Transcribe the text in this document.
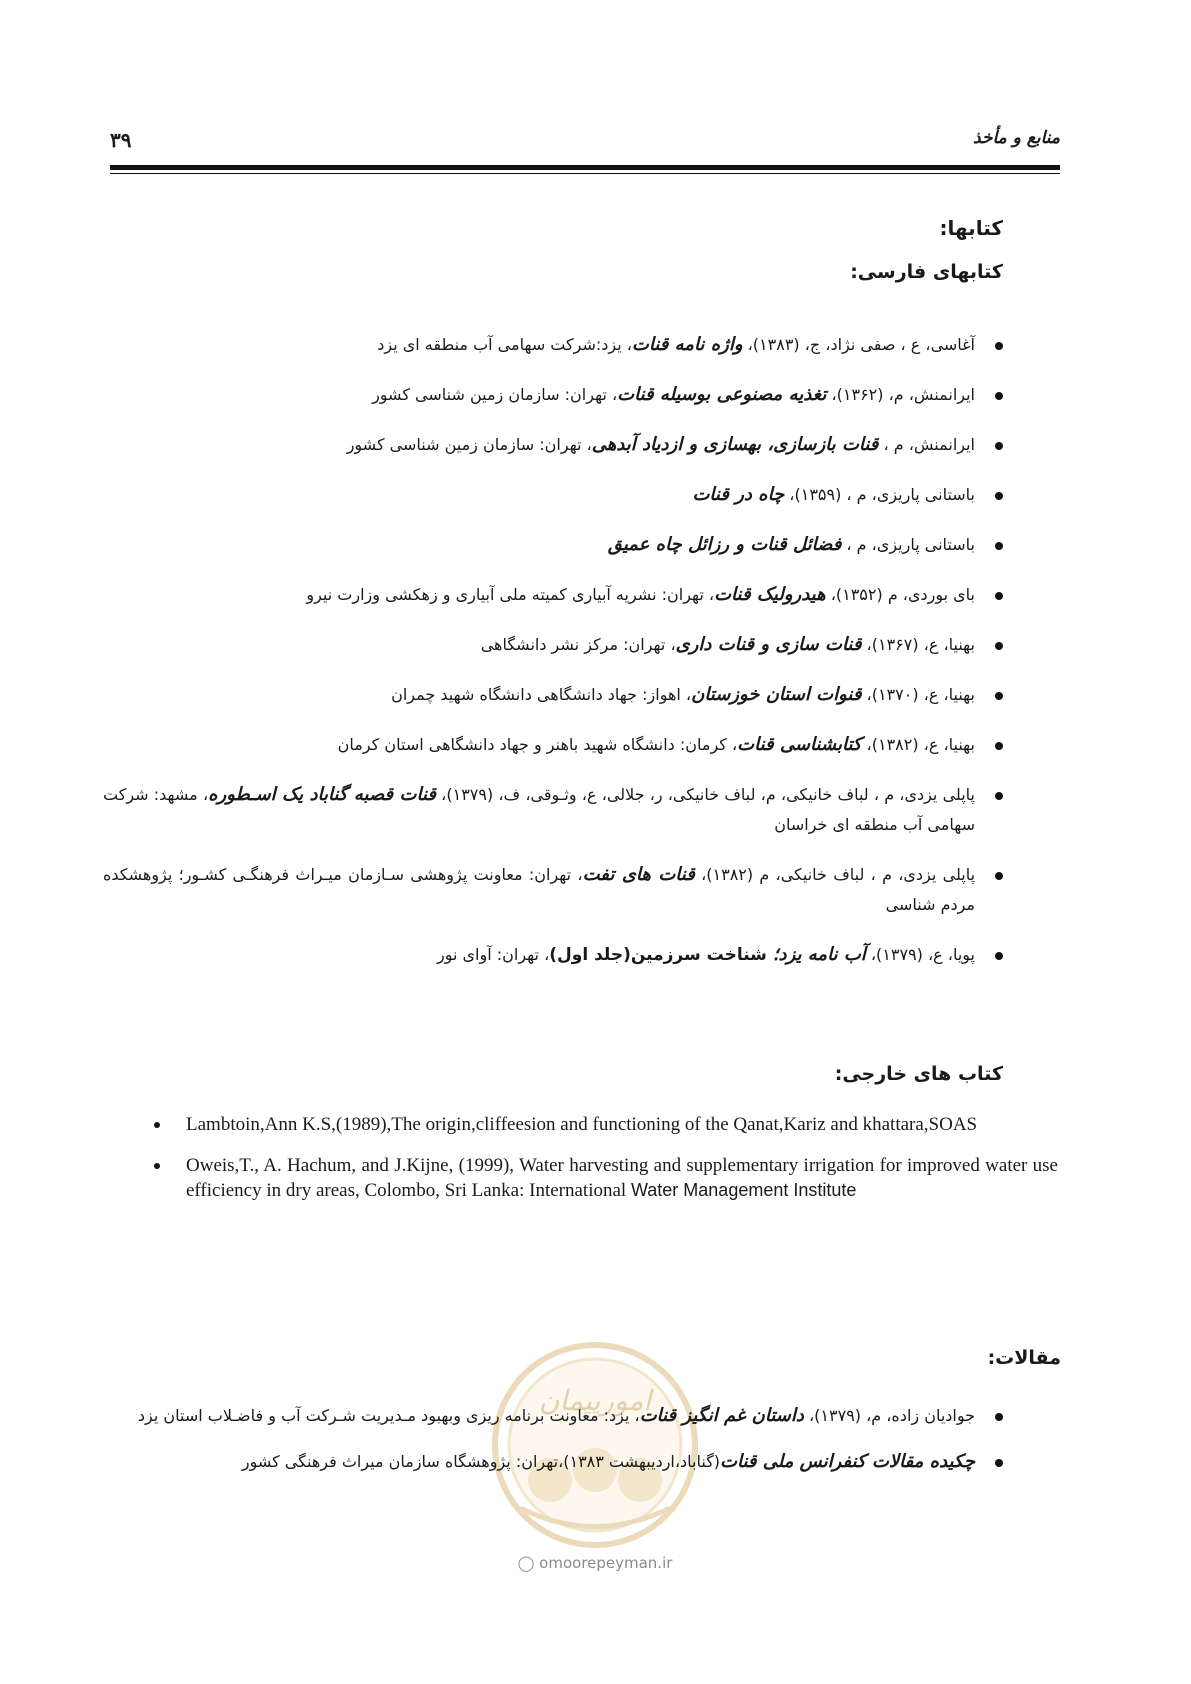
منابع و مأخذ
۳۹

کتابها:

کتابهای فارسی:

آغاسی، ع ، صفی نژاد، ج، (۱۳۸۳)، واژه نامه قنات، یزد:شرکت سهامی آب منطقه ای یزد
ایرانمنش، م، (۱۳۶۲)، تغذیه مصنوعی بوسیله قنات، تهران: سازمان زمین شناسی کشور
ایرانمنش، م ، قنات بازسازی، بهسازی و ازدیاد آبدهی، تهران: سازمان زمین شناسی کشور
باستانی پاریزی، م ، (۱۳۵۹)، چاه در قنات
باستانی پاریزی، م ، فضائل قنات و رزائل چاه عمیق
بای بوردی، م (۱۳۵۲)، هیدرولیک قنات، تهران: نشریه آبیاری کمیته ملی آبیاری و زهکشی وزارت نیرو
بهنیا، ع، (۱۳۶۷)، قنات سازی و قنات داری، تهران: مرکز نشر دانشگاهی
بهنیا، ع، (۱۳۷۰)، قنوات استان خوزستان، اهواز: جهاد دانشگاهی دانشگاه شهید چمران
بهنیا، ع، (۱۳۸۲)، کتابشناسی قنات، کرمان: دانشگاه شهید باهنر و جهاد دانشگاهی استان کرمان
پاپلی یزدی، م ، لباف خانیکی، م، لباف خانیکی، ر، جلالی، ع، وثـوقی، ف، (۱۳۷۹)، قنات قصبه گناباد یک اسـطوره، مشهد: شرکت سهامی آب منطقه ای خراسان
پاپلی یزدی، م ، لباف خانیکی، م (۱۳۸۲)، قنات های تفت، تهران: معاونت پژوهشی سـازمان میـراث فرهنگـی کشـور؛ پژوهشکده مردم شناسی
پویا، ع، (۱۳۷۹)، آب نامه یزد؛ شناخت سرزمین(جلد اول)، تهران: آوای نور

کتاب های خارجی:

Lambtoin,Ann K.S,(1989),The origin,cliffeesion and functioning of the Qanat,Kariz and khattara,SOAS
Oweis,T., A. Hachum, and J.Kijne, (1999), Water harvesting and supplementary irrigation for improved water use efficiency in dry areas, Colombo, Sri Lanka: International Water Management Institute

مقالات:

امورپیمان
◯ omoorepeyman.ir
جوادیان زاده، م، (۱۳۷۹)، داستان غم انگیز قنات، یزد: معاونت برنامه ریزی وبهبود مـدیریت شـرکت آب و فاضـلاب استان یزد
چکیده مقالات کنفرانس ملی قنات(گناباد،اردیبهشت ۱۳۸۳)،تهران: پژوهشگاه سازمان میراث فرهنگی کشور
